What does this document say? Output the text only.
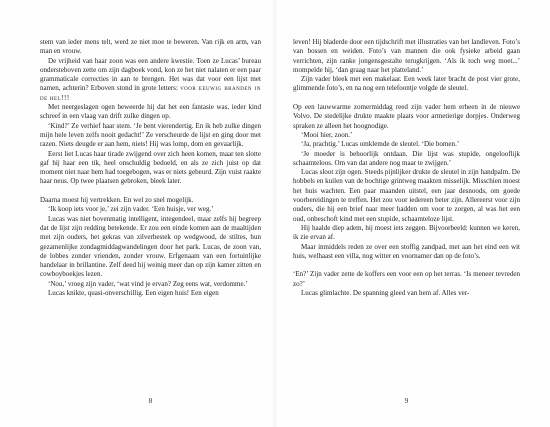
stem van ieder mens telt, werd ze niet moe te beweren. Van rijk en arm, van man en vrouw.

De vrijheid van haar zoon was een andere kwestie. Toen ze Lucas’ bureau ondersteboven zette om zijn dagboek vond, kon ze het niet nalaten er een paar grammaticale correcties in aan te brengen. Het was dat voor een lijst met namen, achterin? Erboven stond in grote letters: voor eeuwig branden in de hel!!!

Met neergeslagen ogen beweerde hij dat het een fantasie was, ieder kind schreef in een vlaag van drift zulke dingen op.

‘Kind?’ Ze verhief haar stem. ‘Je bent vierendertig. En ik heb zulke dingen mijn hele leven zelfs nooit gedacht!’ Ze verscheurde de lijst en ging door met razen. Niets deugde er aan hem, niets! Hij was lomp, dom en gevaarlijk.

Eerst liet Lucas haar tirade zwijgend over zich heen komen, maar ten slotte gaf hij haar een tik, heel onschuldig bedoeld, en als ze zich juist op dat moment niet naar hem had toegebogen, was er niets gebeurd. Zijn vuist raakte haar neus. Op twee plaatsen gebroken, bleek later.

Daarna moest hij vertrekken. En wel zo snel mogelijk.

‘Ik koop iets voor je,’ zei zijn vader. ‘Een huisje, ver weg.’

Lucas was niet bovenmatig intelligent, integendeel, maar zelfs hij begreep dat de lijst zijn redding betekende. Er zou een einde komen aan de maaltijden met zijn ouders, het gekras van zilverbestek op wedgwood, de stiltes, hun gezamenlijke zondagmiddagwandelingen door het park. Lucas, de zoon van, de lobbes zonder vrienden, zonder vrouw. Erfgenaam van een fortuinlijke handelaar in brillantine. Zelf deed hij weinig meer dan op zijn kamer zitten en cowboyboekjes lezen.

‘Nou,’ vroeg zijn vader, ‘wat vind je ervan? Zeg eens wat, verdomme.’

Lucas knikte, quasi-onverschillig. Een eigen huis! Een eigen

8

leven! Hij bladerde door een tijdschrift met illustraties van het landleven. Foto’s van bossen en weiden. Foto’s van mannen die ook fysieke arbeid gaan verrichten, zijn ranke jongensgestalte terugkrijgen. ‘Als ik toch weg moet...’ mompelde hij, ‘dan graag naar het platteland.’

Zijn vader bleek met een makelaar. Een week later bracht de post vier grote, glimmende foto’s, en na nog een telefoontje volgde de sleutel.

Op een lauwwarme zomermiddag reed zijn vader hem erheen in de nieuwe Volvo. De stedelijke drukte maakte plaats voor armetierige dorpjes. Onderweg spraken ze alleen het hoognodige.

‘Mooi hier, zoon.’

‘Ja, prachtig.’ Lucas omklemde de sleutel. ‘Die bomen.’

‘Je moeder is behoorlijk ontdaan. Die lijst was stupide, ongelooflijk schaamteloos. Om van dat andere nog maar te zwijgen.’

Lucas sloot zijn ogen. Steeds pijnlijker drukte de sleutel in zijn handpalm. De hobbels en kuilen van de bochtige grintweg maakten misselijk. Misschien moest het huis wachten. Een paar maanden uitstel, een jaar desnoods, om goede voorbereidingen te treffen. Het zou voor iedereen beter zijn. Allereerst voor zijn ouders, die hij een brief naar meer hadden om voor te zorgen, al was het een oud, onbeschoft kind met een stupide, schaamteloze lijst.

Hij haalde diep adem, hij moest iets zeggen. Bijvoorbeeld: kunnen we keren, ik zie ervan af.

Maar inmiddels reden ze over een stoffig zandpad, met aan het eind een wit huis, welhaast een villa, nog witter en voornamer dan op de foto’s.

‘En?’ Zijn vader zette de koffers een voor een op het terras. ‘Is meneer tevreden zo?’

Lucas glimlachte. De spanning gleed van hem af. Alles ver-

9
